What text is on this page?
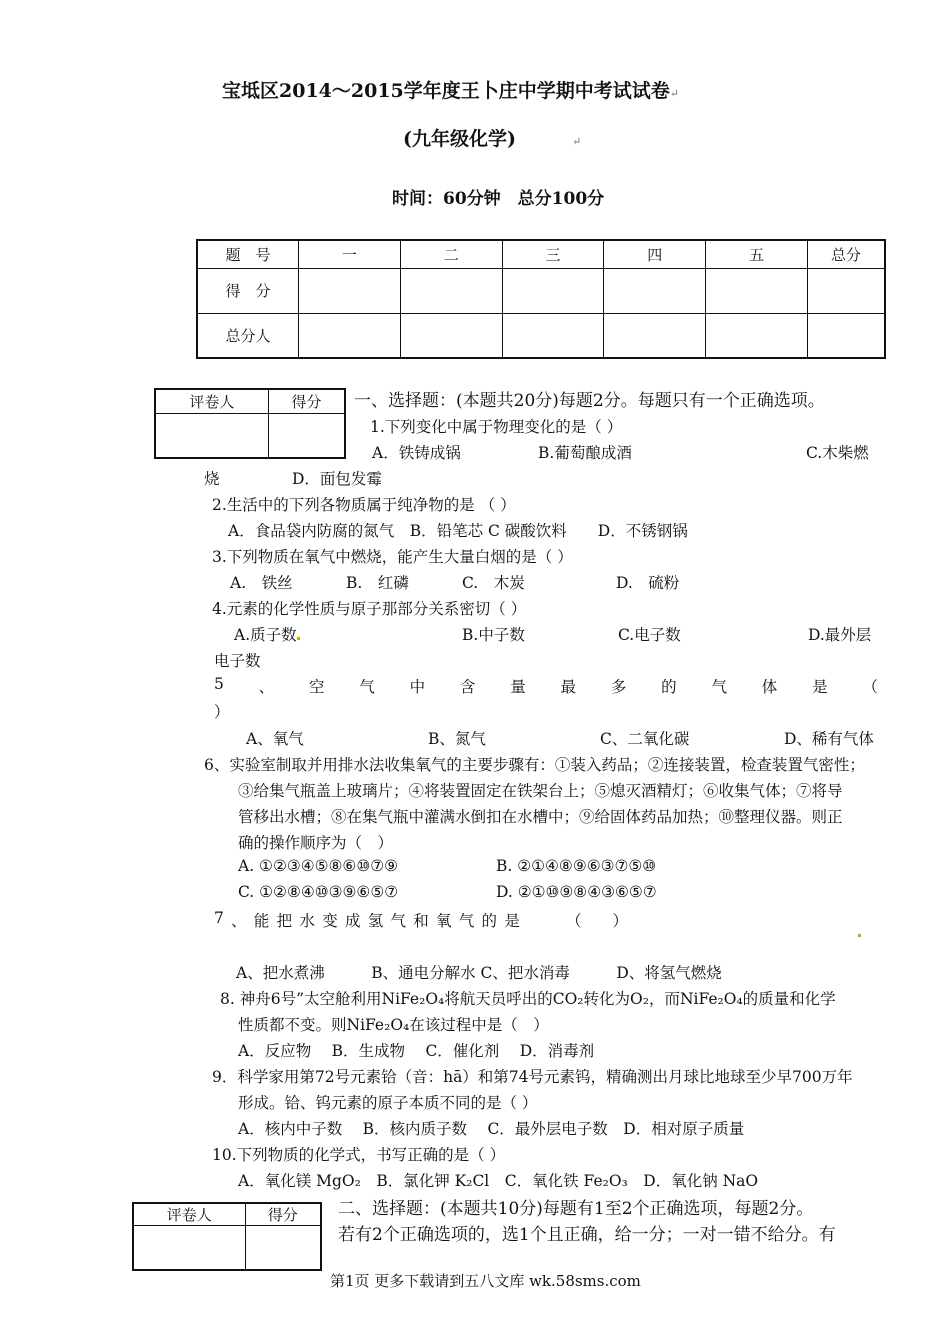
宝坻区2014～2015学年度王卜庄中学期中考试试卷↵
(九年级化学)	↵
时间：60分钟　总分100分
题　号	一	二	三	四	五	总分
得　分						
总分人						
评卷人	得分
	一、选择题：(本题共20分)每题2分。每题只有一个正确选项。
1.下列变化中属于物理变化的是（ ）
A．铁铸成锅	B.葡萄酿成酒	C.木柴燃
烧	D．面包发霉
2.生活中的下列各物质属于纯净物的是 （ ）
A．食品袋内防腐的氮气　B．铅笔芯 C 碳酸饮料　　D．不锈钢锅
3.下列物质在氧气中燃烧，能产生大量白烟的是（ ）
A.　铁丝	B.　红磷	C.　木炭	D.　硫粉
4.元素的化学性质与原子那部分关系密切（ ）
A.质子数	B.中子数	C.电子数	D.最外层
电子数
5 、 空 气 中 含 量 最 多 的 气 体 是 （
）
A、氧气	B、氮气	C、二氧化碳	D、稀有气体
6、实验室制取并用排水法收集氧气的主要步骤有：①装入药品；②连接装置，检查装置气密性；
③给集气瓶盖上玻璃片；④将装置固定在铁架台上；⑤熄灭酒精灯；⑥收集气体；⑦将导
管移出水槽；⑧在集气瓶中灌满水倒扣在水槽中；⑨给固体药品加热；⑩整理仪器。则正
确的操作顺序为（　）
A. ①②③④⑤⑧⑥⑩⑦⑨	B. ②①④⑧⑨⑥③⑦⑤⑩
C. ①②⑧④⑩③⑨⑥⑤⑦	D. ②①⑩⑨⑧④③⑥⑤⑦
7 、 能 把 水 变 成 氢 气 和 氧 气 的 是	（　　）
A、把水煮沸　　　B、通电分解水 C、把水消毒　　　D、将氢气燃烧
8. 神舟6号”太空舱利用NiFe₂O₄将航天员呼出的CO₂转化为O₂，而NiFe₂O₄的质量和化学
性质都不变。则NiFe₂O₄在该过程中是（　）
A．反应物　 B．生成物　 C．催化剂　 D．消毒剂
9．科学家用第72号元素铪（音：hā）和第74号元素钨，精确测出月球比地球至少早700万年
形成。铪、钨元素的原子本质不同的是（ ）
A．核内中子数　 B．核内质子数　 C．最外层电子数　D．相对原子质量
10.下列物质的化学式，书写正确的是（ ）
A．氧化镁 MgO₂　B．氯化钾 K₂Cl　C．氧化铁 Fe₂O₃　D．氧化钠 NaO
评卷人	得分
	二、选择题：(本题共10分)每题有1至2个正确选项，每题2分。
若有2个正确选项的，选1个且正确，给一分；一对一错不给分。有
第1页 更多下载请到五八文库 wk.58sms.com
